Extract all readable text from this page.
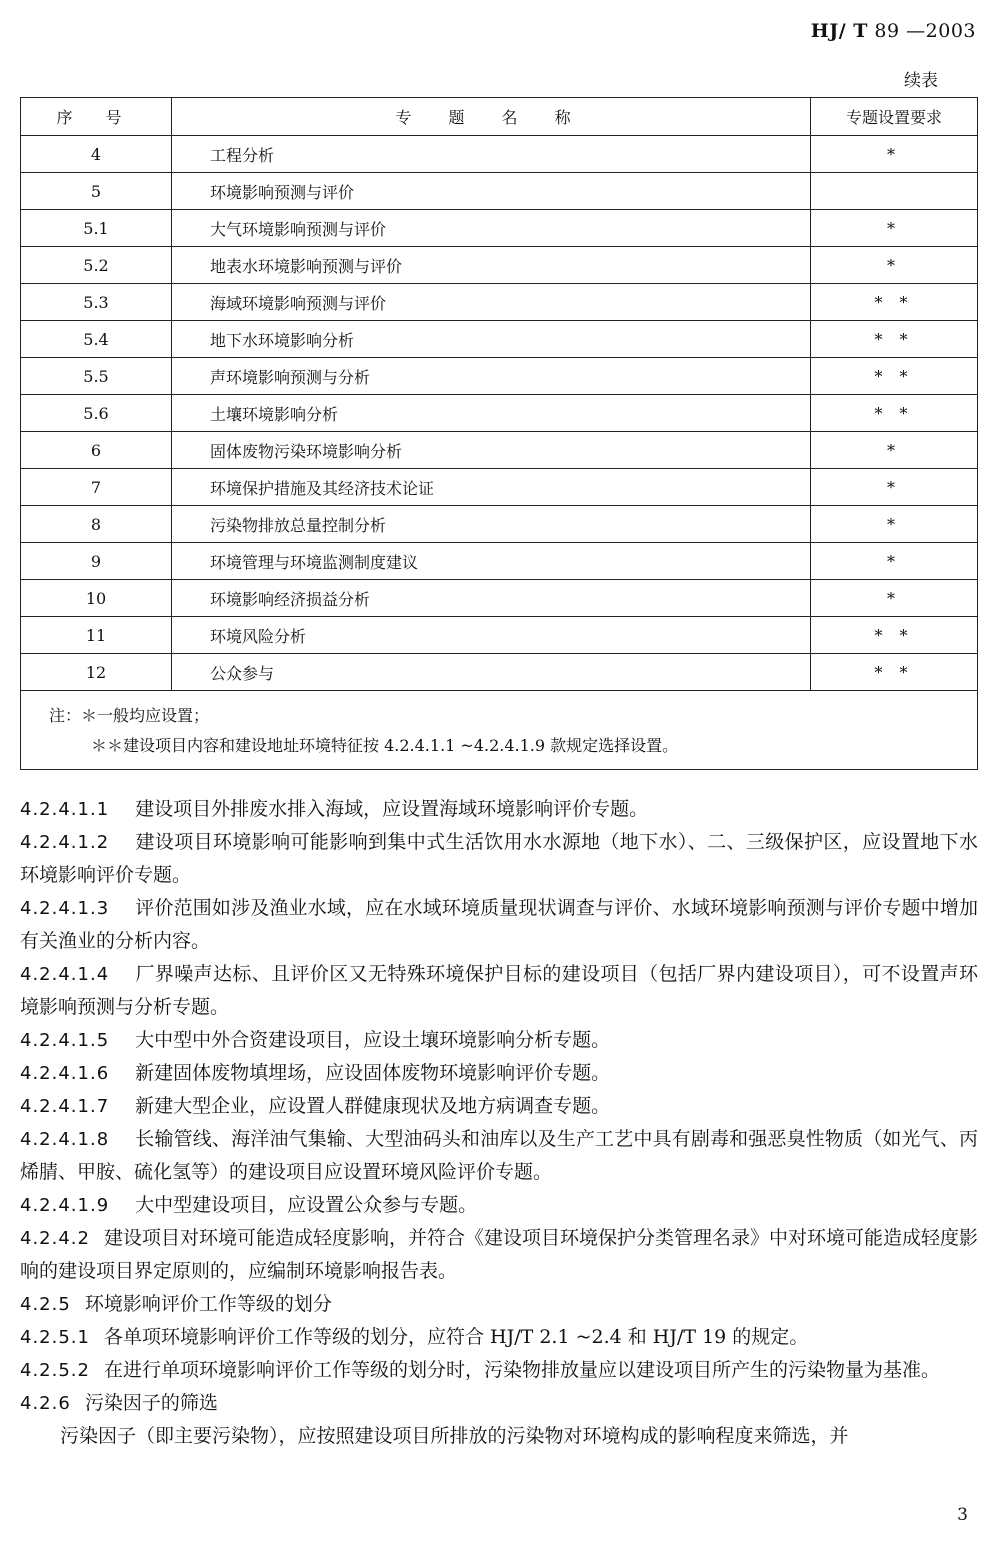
HJ/ T 89 —2003
续表
序 号	专 题 名 称	专题设置要求
4	工程分析	*
5	环境影响预测与评价	
5.1	大气环境影响预测与评价	*
5.2	地表水环境影响预测与评价	*
5.3	海域环境影响预测与评价	* *
5.4	地下水环境影响分析	* *
5.5	声环境影响预测与分析	* *
5.6	土壤环境影响分析	* *
6	固体废物污染环境影响分析	*
7	环境保护措施及其经济技术论证	*
8	污染物排放总量控制分析	*
9	环境管理与环境监测制度建议	*
10	环境影响经济损益分析	*
11	环境风险分析	* *
12	公众参与	* *

注：＊一般均应设置；
＊＊建设项目内容和建设地址环境特征按 4.2.4.1.1 ~4.2.4.1.9 款规定选择设置。		

4.2.4.1.1 建设项目外排废水排入海域，应设置海域环境影响评价专题。

4.2.4.1.2 建设项目环境影响可能影响到集中式生活饮用水水源地（地下水）、二、三级保护区，应设置地下水环境影响评价专题。

4.2.4.1.3 评价范围如涉及渔业水域，应在水域环境质量现状调查与评价、水域环境影响预测与评价专题中增加有关渔业的分析内容。

4.2.4.1.4 厂界噪声达标、且评价区又无特殊环境保护目标的建设项目（包括厂界内建设项目），可不设置声环境影响预测与分析专题。

4.2.4.1.5 大中型中外合资建设项目，应设土壤环境影响分析专题。

4.2.4.1.6 新建固体废物填埋场，应设固体废物环境影响评价专题。

4.2.4.1.7 新建大型企业，应设置人群健康现状及地方病调查专题。

4.2.4.1.8 长输管线、海洋油气集输、大型油码头和油库以及生产工艺中具有剧毒和强恶臭性物质（如光气、丙烯腈、甲胺、硫化氢等）的建设项目应设置环境风险评价专题。

4.2.4.1.9 大中型建设项目，应设置公众参与专题。

4.2.4.2 建设项目对环境可能造成轻度影响，并符合《建设项目环境保护分类管理名录》中对环境可能造成轻度影响的建设项目界定原则的，应编制环境影响报告表。

4.2.5 环境影响评价工作等级的划分

4.2.5.1 各单项环境影响评价工作等级的划分，应符合 HJ/T 2.1 ~2.4 和 HJ/T 19 的规定。

4.2.5.2 在进行单项环境影响评价工作等级的划分时，污染物排放量应以建设项目所产生的污染物量为基准。

4.2.6 污染因子的筛选

污染因子（即主要污染物），应按照建设项目所排放的污染物对环境构成的影响程度来筛选，并

3
